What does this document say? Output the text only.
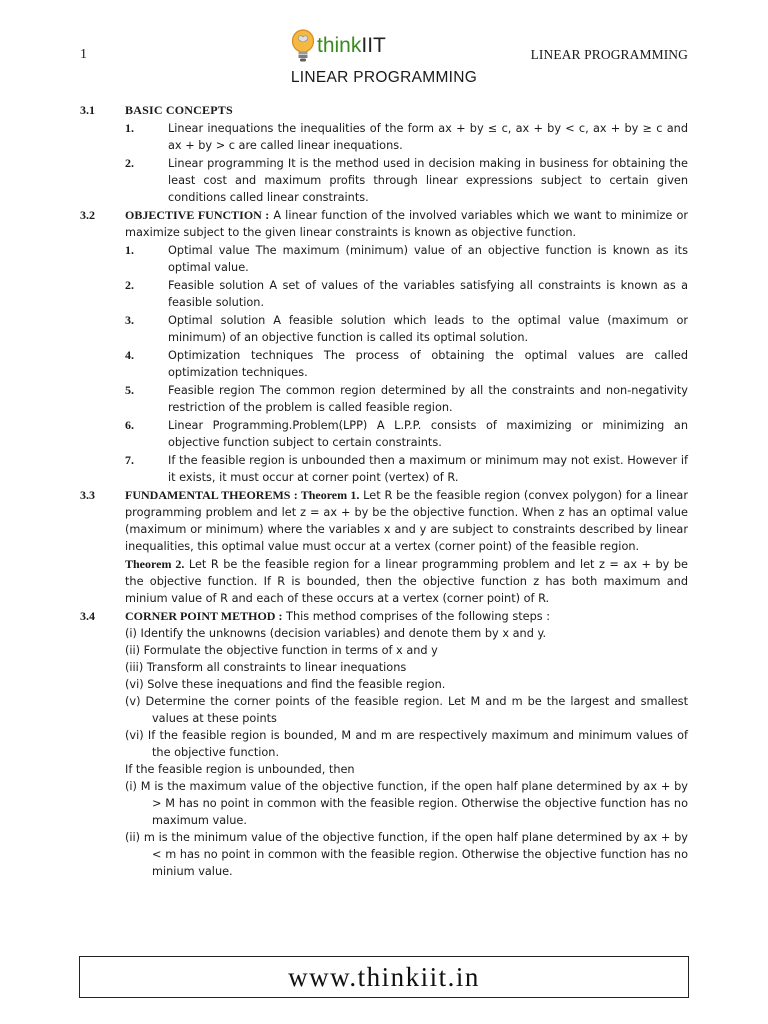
1	thinkIIT	LINEAR PROGRAMMING
LINEAR PROGRAMMING
3.1	BASIC CONCEPTS
1.	Linear inequations the inequalities of the form ax + by ≤ c, ax + by < c, ax + by ≥ c and ax + by > c are called linear inequations.
2.	Linear programming It is the method used in decision making in business for obtaining the least cost and maximum profits through linear expressions subject to certain given conditions called linear constraints.
3.2	OBJECTIVE FUNCTION : A linear function of the involved variables which we want to minimize or maximize subject to the given linear constraints is known as objective function.
1.	Optimal value The maximum (minimum) value of an objective function is known as its optimal value.
2.	Feasible solution A set of values of the variables satisfying all constraints is known as a feasible solution.
3.	Optimal solution A feasible solution which leads to the optimal value (maximum or minimum) of an objective function is called its optimal solution.
4.	Optimization techniques The process of obtaining the optimal values are called optimization techniques.
5.	Feasible region The common region determined by all the constraints and non-negativity restriction of the problem is called feasible region.
6.	Linear Programming.Problem(LPP) A L.P.P. consists of maximizing or minimizing an objective function subject to certain constraints.
7.	If the feasible region is unbounded then a maximum or minimum may not exist. However if it exists, it must occur at corner point (vertex) of R.
3.3	FUNDAMENTAL THEOREMS : Theorem 1. Let R be the feasible region (convex polygon) for a linear programming problem and let z = ax + by be the objective function. When z has an optimal value (maximum or minimum) where the variables x and y are subject to constraints described by linear inequalities, this optimal value must occur at a vertex (corner point) of the feasible region.
Theorem 2. Let R be the feasible region for a linear programming problem and let z = ax + by be the objective function. If R is bounded, then the objective function z has both maximum and minium value of R and each of these occurs at a vertex (corner point) of R.
3.4	CORNER POINT METHOD : This method comprises of the following steps :
(i) Identify the unknowns (decision variables) and denote them by x and y.
(ii) Formulate the objective function in terms of x and y
(iii) Transform all constraints to linear inequations
(vi) Solve these inequations and find the feasible region.
(v) Determine the corner points of the feasible region. Let M and m be the largest and smallest values at these points
(vi) If the feasible region is bounded, M and m are respectively maximum and minimum values of the objective function.
If the feasible region is unbounded, then
(i) M is the maximum value of the objective function, if the open half plane determined by ax + by > M has no point in common with the feasible region. Otherwise the objective function has no maximum value.
(ii) m is the minimum value of the objective function, if the open half plane determined by ax + by < m has no point in common with the feasible region. Otherwise the objective function has no minium value.
www.thinkiit.in
